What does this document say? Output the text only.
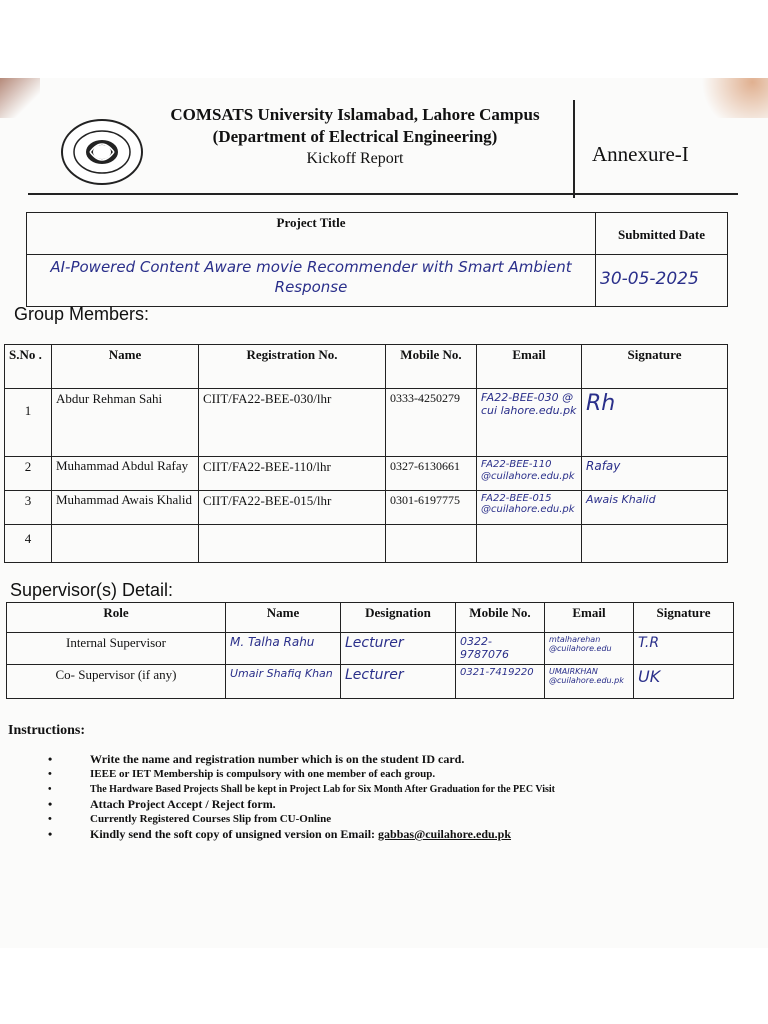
COMSATS University Islamabad, Lahore Campus
(Department of Electrical Engineering)
Kickoff Report	Annexure-I
Project Title	Submitted Date
AI-Powered Content Aware movie Recommender with Smart Ambient Response	30-05-2025
Group Members:
S.No .	Name	Registration No.	Mobile No.	Email	Signature
1	Abdur Rehman Sahi	CIIT/FA22-BEE-030/lhr	0333-4250279	FA22-BEE-030 @ cui lahore.edu.pk	Rh
2	Muhammad Abdul Rafay	CIIT/FA22-BEE-110/lhr	0327-6130661	FA22-BEE-110 @cuilahore.edu.pk	Rafay
3	Muhammad Awais Khalid	CIIT/FA22-BEE-015/lhr	0301-6197775	FA22-BEE-015 @cuilahore.edu.pk	Awais Khalid
4					
Supervisor(s) Detail:
Role	Name	Designation	Mobile No.	Email	Signature
Internal Supervisor	M. Talha Rahu	Lecturer	0322-9787076	mtalharehan @cuilahore.edu	T.R
Co- Supervisor (if any)	Umair Shafiq Khan	Lecturer	0321-7419220	UMAIRKHAN @cuilahore.edu.pk	UK
Instructions:
• Write the name and registration number which is on the student ID card.
• IEEE or IET Membership is compulsory with one member of each group.
• The Hardware Based Projects Shall be kept in Project Lab for Six Month After Graduation for the PEC Visit
• Attach Project Accept / Reject form.
• Currently Registered Courses Slip from CU-Online
• Kindly send the soft copy of unsigned version on Email: gabbas@cuilahore.edu.pk
